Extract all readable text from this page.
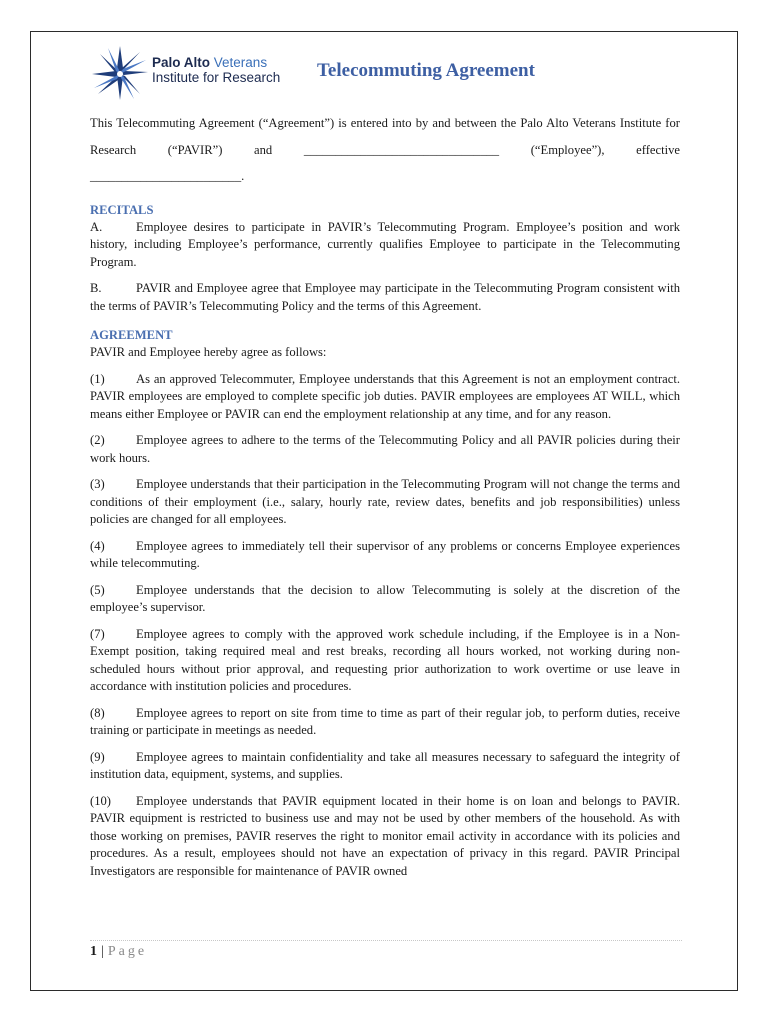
Palo Alto Veterans
Institute for Research Telecommuting Agreement

This Telecommuting Agreement (“Agreement”) is entered into by and between the Palo Alto Veterans Institute for Research (“PAVIR”) and _______________________________ (“Employee”), effective ________________________.

RECITALS

A.	Employee desires to participate in PAVIR’s Telecommuting Program. Employee’s position and work history, including Employee’s performance, currently qualifies Employee to participate in the Telecommuting Program.

B.	PAVIR and Employee agree that Employee may participate in the Telecommuting Program consistent with the terms of PAVIR’s Telecommuting Policy and the terms of this Agreement.

AGREEMENT

PAVIR and Employee hereby agree as follows:

(1) As an approved Telecommuter, Employee understands that this Agreement is not an employment contract. PAVIR employees are employed to complete specific job duties. PAVIR employees are employees AT WILL, which means either Employee or PAVIR can end the employment relationship at any time, and for any reason.

(2) Employee agrees to adhere to the terms of the Telecommuting Policy and all PAVIR policies during their work hours.

(3) Employee understands that their participation in the Telecommuting Program will not change the terms and conditions of their employment (i.e., salary, hourly rate, review dates, benefits and job responsibilities) unless policies are changed for all employees.

(4) Employee agrees to immediately tell their supervisor of any problems or concerns Employee experiences while telecommuting.

(5) Employee understands that the decision to allow Telecommuting is solely at the discretion of the employee’s supervisor.

(7) Employee agrees to comply with the approved work schedule including, if the Employee is in a Non-Exempt position, taking required meal and rest breaks, recording all hours worked, not working during non-scheduled hours without prior approval, and requesting prior authorization to work overtime or use leave in accordance with institution policies and procedures.

(8) Employee agrees to report on site from time to time as part of their regular job, to perform duties, receive training or participate in meetings as needed.

(9) Employee agrees to maintain confidentiality and take all measures necessary to safeguard the integrity of institution data, equipment, systems, and supplies.

(10) Employee understands that PAVIR equipment located in their home is on loan and belongs to PAVIR. PAVIR equipment is restricted to business use and may not be used by other members of the household. As with those working on premises, PAVIR reserves the right to monitor email activity in accordance with its policies and procedures. As a result, employees should not have an expectation of privacy in this regard. PAVIR Principal Investigators are responsible for maintenance of PAVIR owned

1 | Page
